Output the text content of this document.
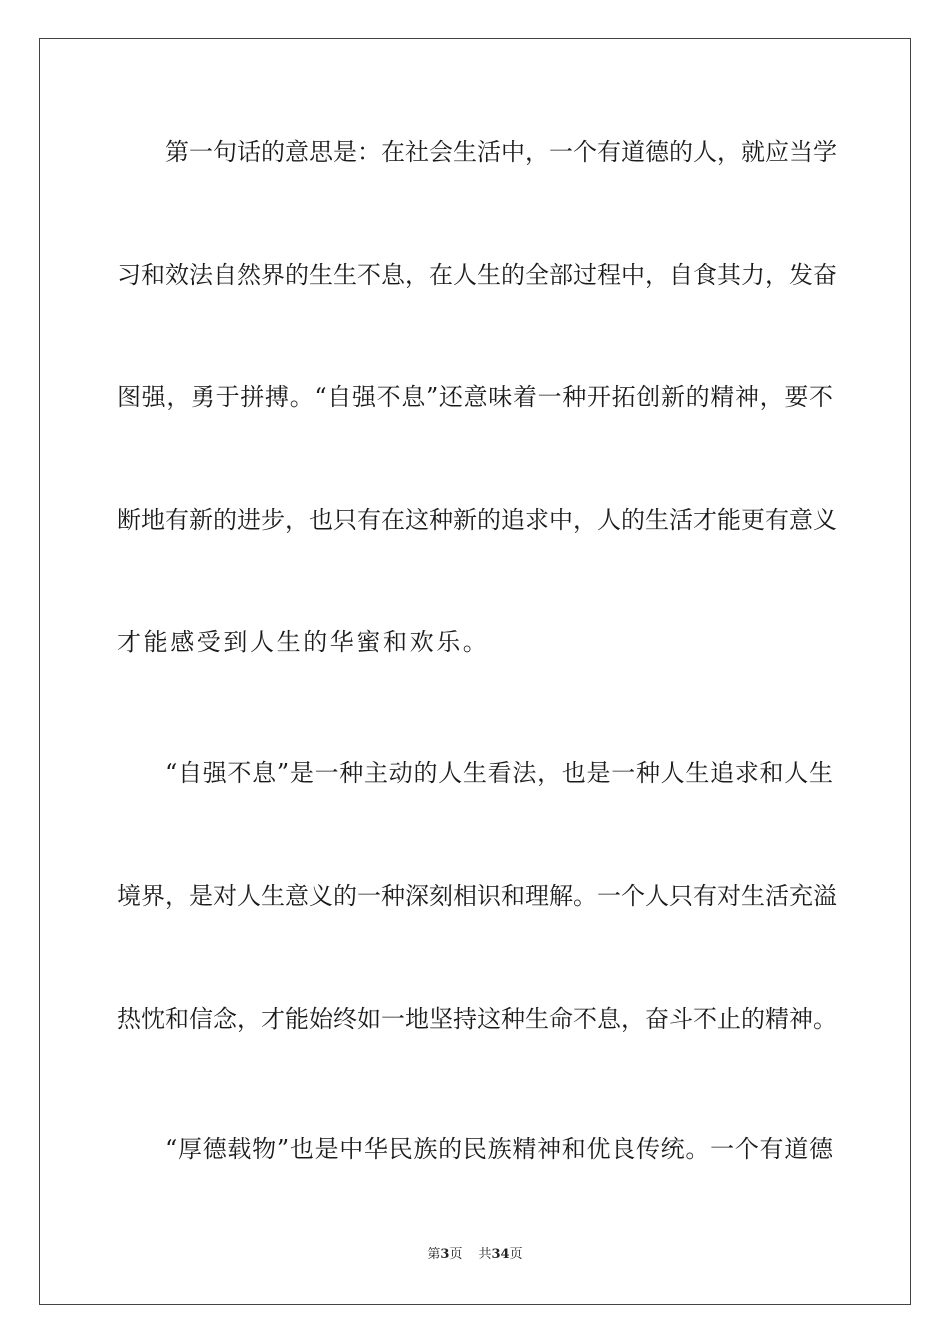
第一句话的意思是：在社会生活中，一个有道德的人，就应当学
习和效法自然界的生生不息，在人生的全部过程中，自食其力，发奋
图强，勇于拼搏。“自强不息”还意味着一种开拓创新的精神，要不
断地有新的进步，也只有在这种新的追求中，人的生活才能更有意义
才能感受到人生的华蜜和欢乐。
“自强不息”是一种主动的人生看法，也是一种人生追求和人生
境界，是对人生意义的一种深刻相识和理解。一个人只有对生活充溢
热忱和信念，才能始终如一地坚持这种生命不息，奋斗不止的精神。
“厚德载物”也是中华民族的民族精神和优良传统。一个有道德
第3页 共34页
